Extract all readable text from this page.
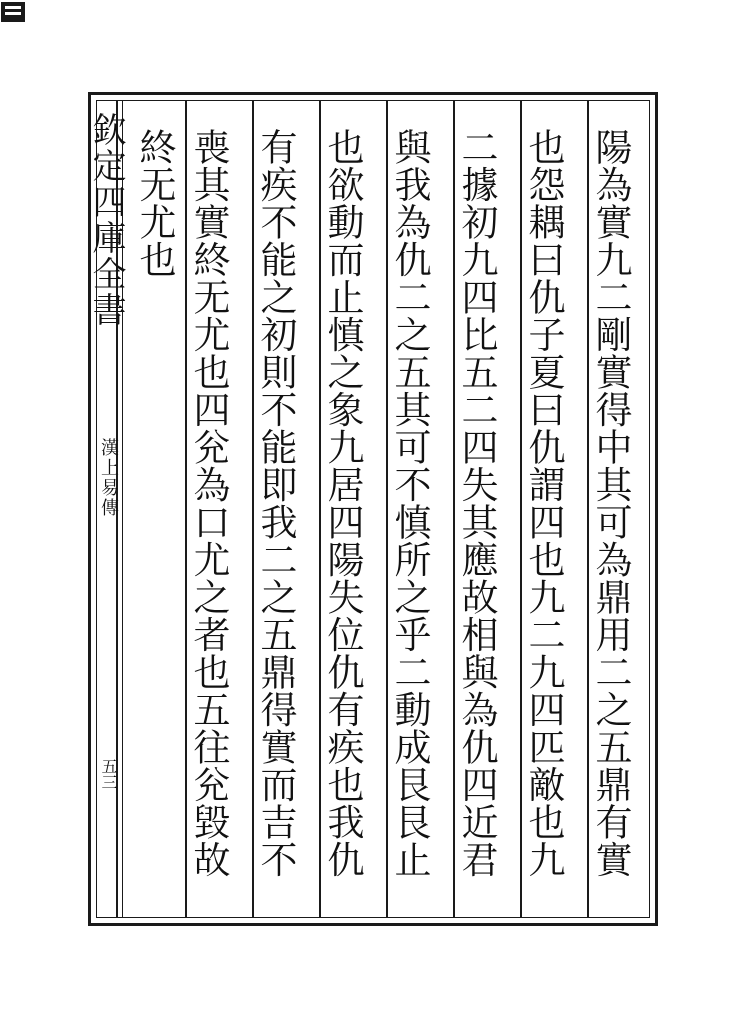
欽定四庫全書
漢上易傳
五三	陽為實九二剛實得中其可為鼎用二之五鼎有實
也怨耦曰仇子夏曰仇謂四也九二九四匹敵也九
二據初九四比五二四失其應故相與為仇四近君
與我為仇二之五其可不慎所之乎二動成艮艮止
也欲動而止慎之象九居四陽失位仇有疾也我仇
有疾不能之初則不能即我二之五鼎得實而吉不
喪其實終无尤也四兊為口尤之者也五往兊毀故
終无尤也
